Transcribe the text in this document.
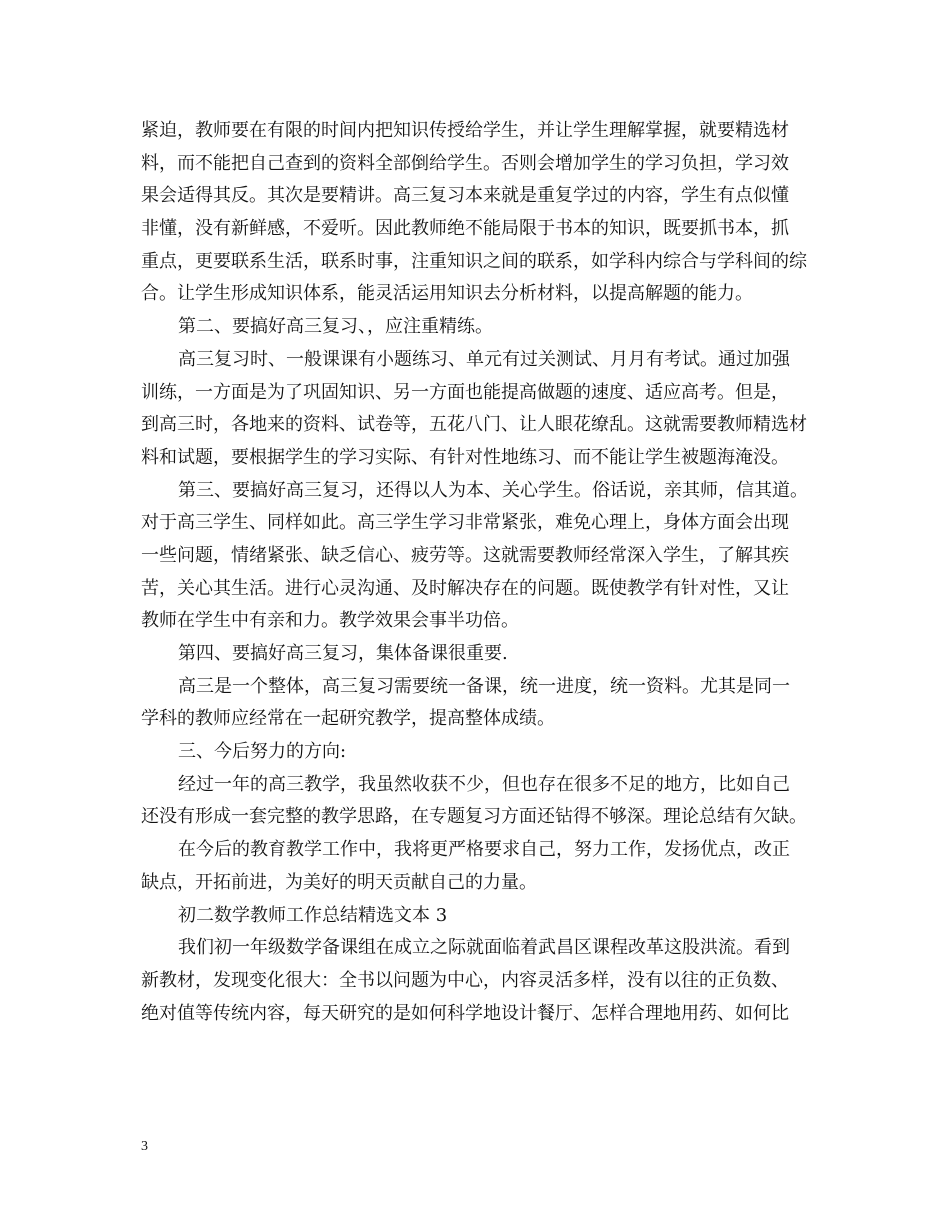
紧迫，教师要在有限的时间内把知识传授给学生，并让学生理解掌握，就要精选材
料，而不能把自己查到的资料全部倒给学生。否则会增加学生的学习负担，学习效
果会适得其反。其次是要精讲。高三复习本来就是重复学过的内容，学生有点似懂
非懂，没有新鲜感，不爱听。因此教师绝不能局限于书本的知识，既要抓书本，抓
重点，更要联系生活，联系时事，注重知识之间的联系，如学科内综合与学科间的综
合。让学生形成知识体系，能灵活运用知识去分析材料，以提高解题的能力。
第二、要搞好高三复习、，应注重精练。
高三复习时、一般课课有小题练习、单元有过关测试、月月有考试。通过加强
训练，一方面是为了巩固知识、另一方面也能提高做题的速度、适应高考。但是，
到高三时，各地来的资料、试卷等，五花八门、让人眼花缭乱。这就需要教师精选材
料和试题，要根据学生的学习实际、有针对性地练习、而不能让学生被题海淹没。
第三、要搞好高三复习，还得以人为本、关心学生。俗话说，亲其师，信其道。
对于高三学生、同样如此。高三学生学习非常紧张，难免心理上，身体方面会出现
一些问题，情绪紧张、缺乏信心、疲劳等。这就需要教师经常深入学生，了解其疾
苦，关心其生活。进行心灵沟通、及时解决存在的问题。既使教学有针对性，又让
教师在学生中有亲和力。教学效果会事半功倍。
第四、要搞好高三复习，集体备课很重要.
高三是一个整体，高三复习需要统一备课，统一进度，统一资料。尤其是同一
学科的教师应经常在一起研究教学，提高整体成绩。
三、今后努力的方向:
经过一年的高三教学，我虽然收获不少，但也存在很多不足的地方，比如自己
还没有形成一套完整的教学思路，在专题复习方面还钻得不够深。理论总结有欠缺。
在今后的教育教学工作中，我将更严格要求自己，努力工作，发扬优点，改正
缺点，开拓前进，为美好的明天贡献自己的力量。
初二数学教师工作总结精选文本 3
我们初一年级数学备课组在成立之际就面临着武昌区课程改革这股洪流。看到
新教材，发现变化很大：全书以问题为中心，内容灵活多样，没有以往的正负数、
绝对值等传统内容，每天研究的是如何科学地设计餐厅、怎样合理地用药、如何比
3
